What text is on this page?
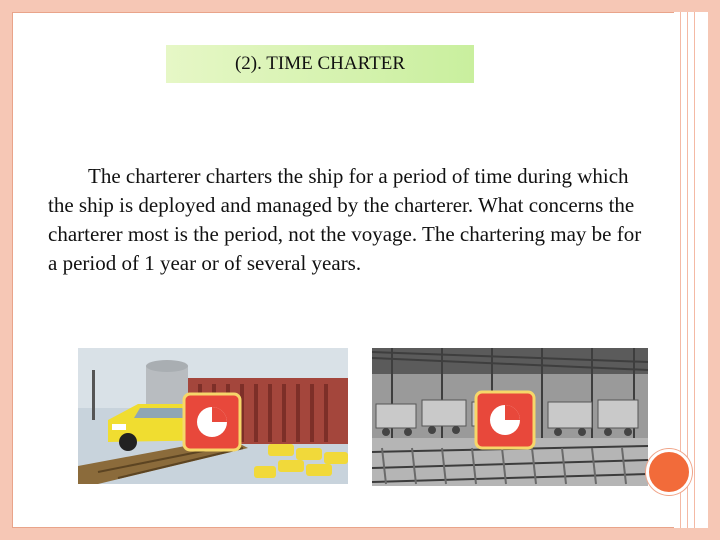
(2). T IME
C HARTER

The charterer charters the ship for a period of time during which the ship is deployed and managed by the charterer. What concerns the charterer most is the period, not the voyage. The chartering may be for a period of 1 year or of several years.
